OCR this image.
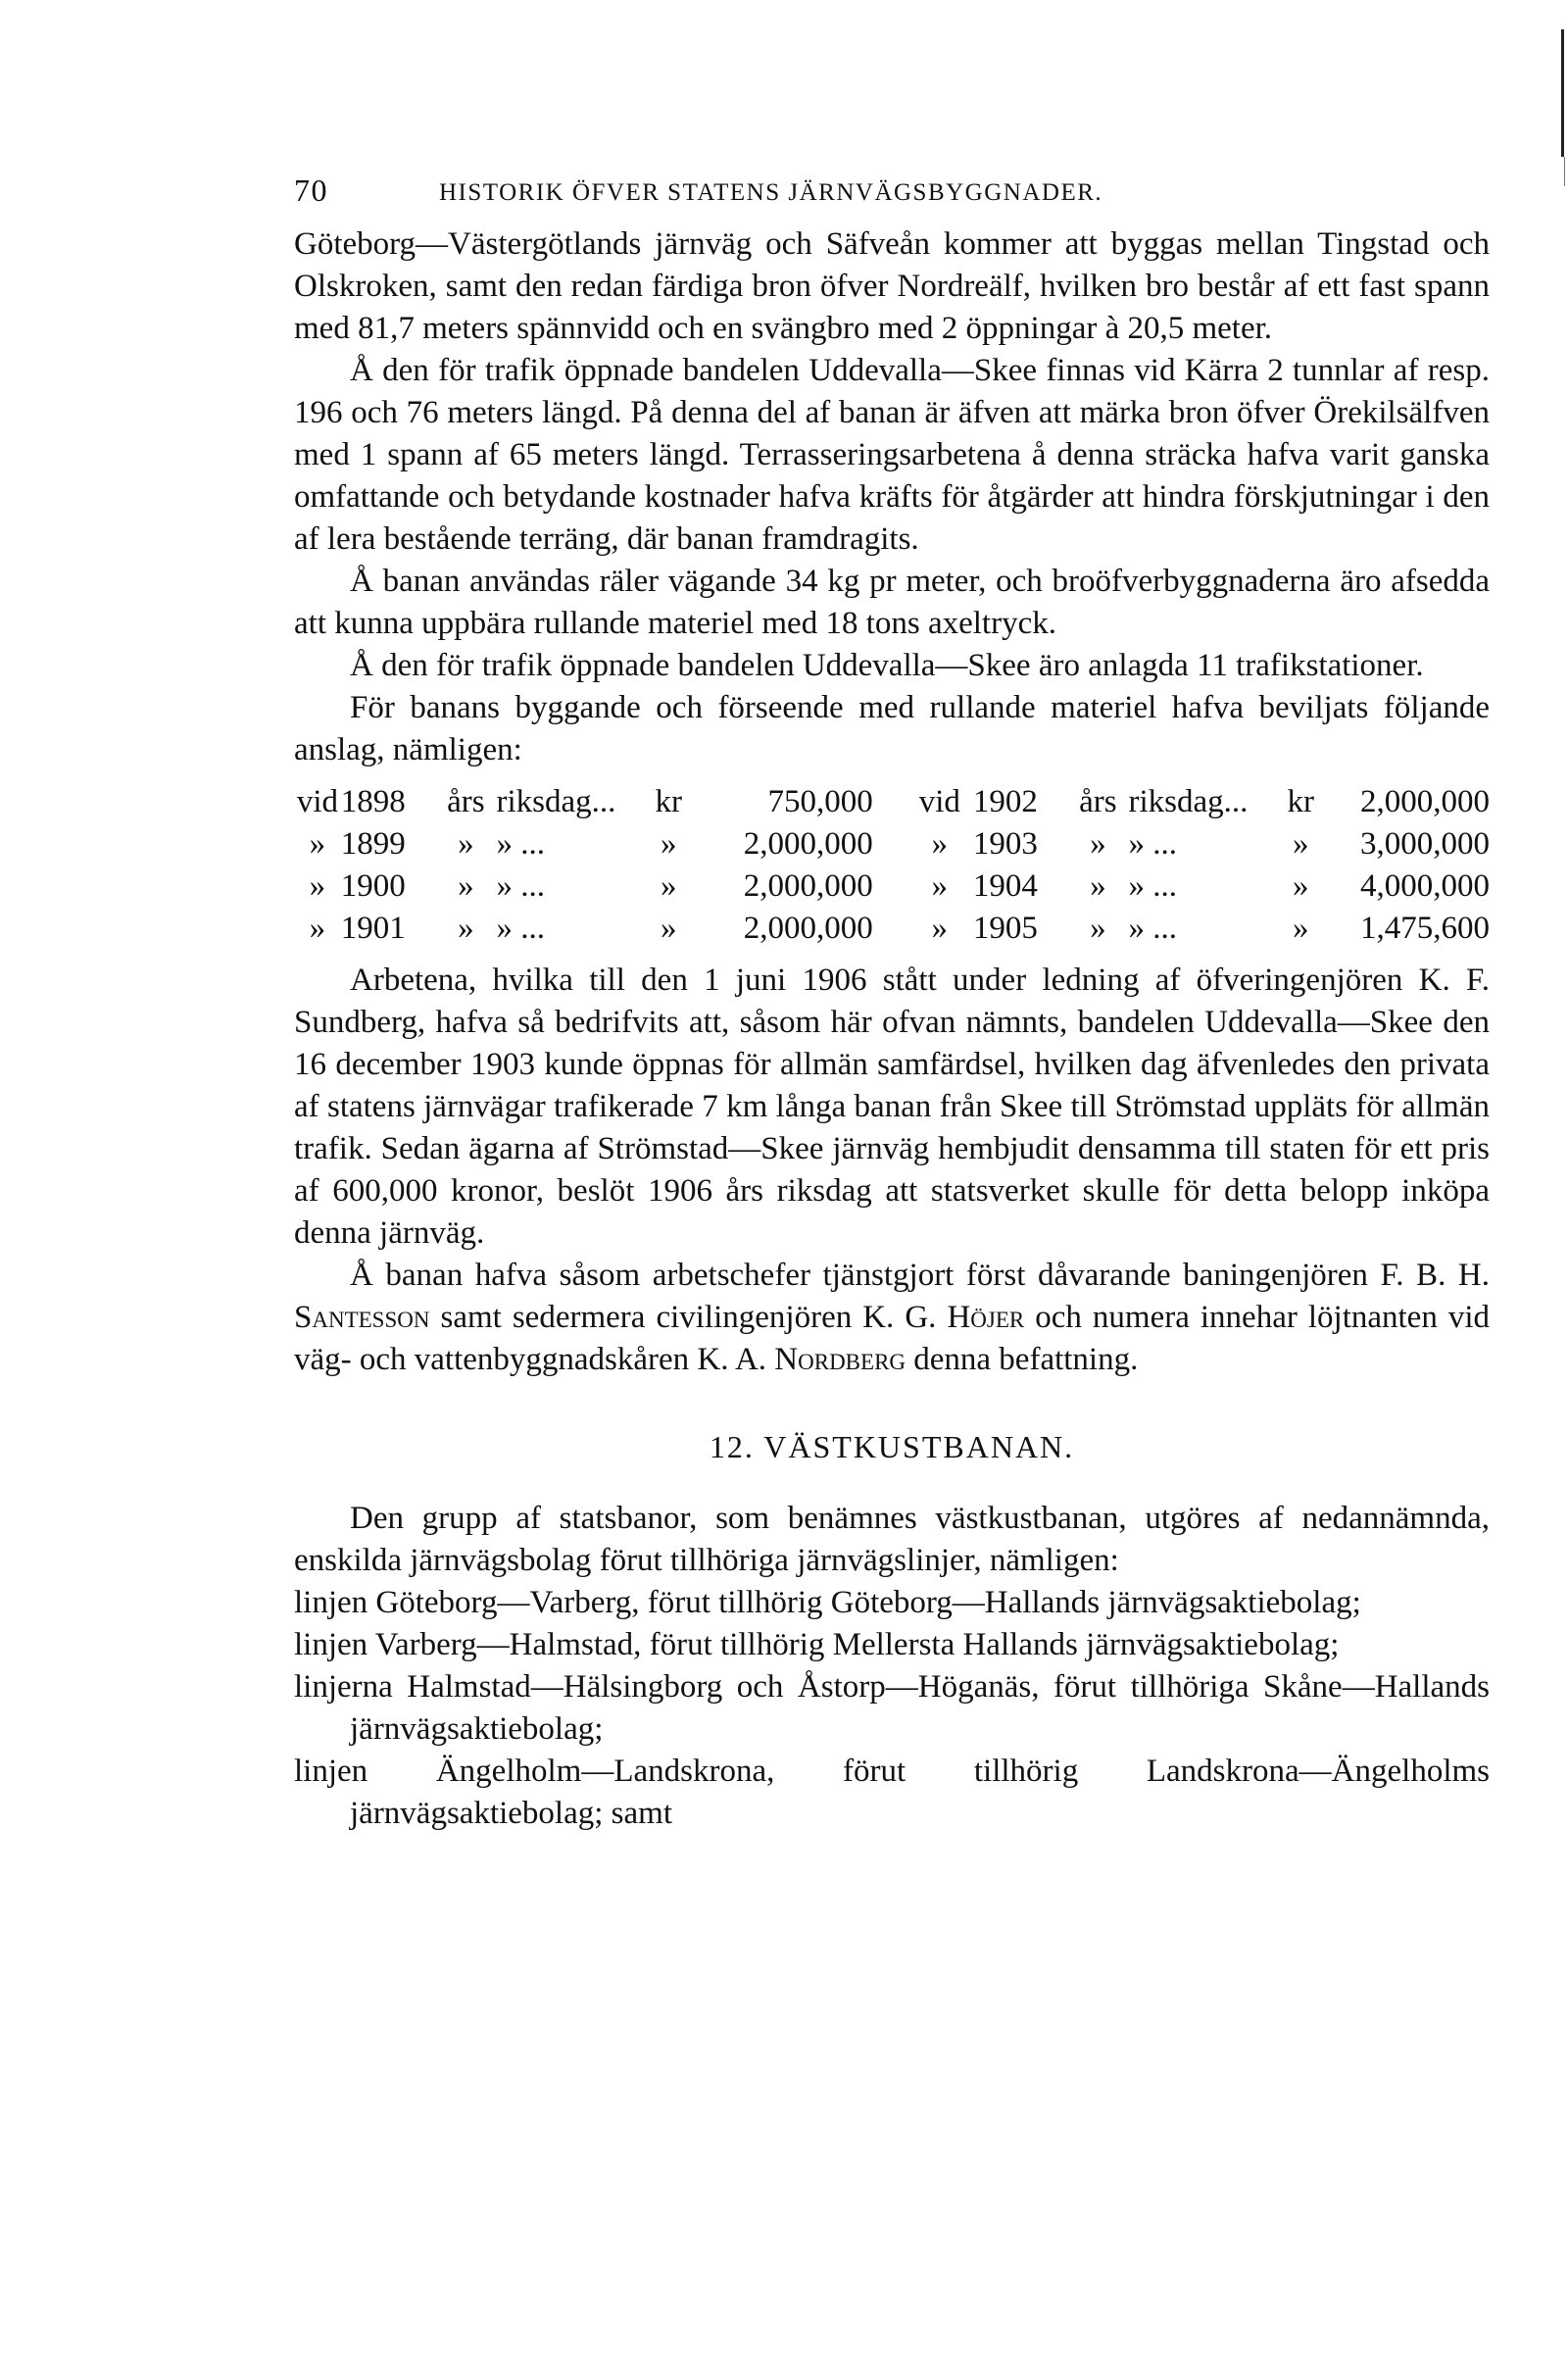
70	HISTORIK ÖFVER STATENS JÄRNVÄGSBYGGNADER.

Göteborg—Västergötlands järnväg och Säfveån kommer att byggas mellan Tingstad och Olskroken, samt den redan färdiga bron öfver Nordreälf, hvilken bro består af ett fast spann med 81,7 meters spännvidd och en svängbro med 2 öppningar à 20,5 meter.

Å den för trafik öppnade bandelen Uddevalla—Skee finnas vid Kärra 2 tunnlar af resp. 196 och 76 meters längd. På denna del af banan är äfven att märka bron öfver Örekilsälfven med 1 spann af 65 meters längd. Terrasseringsarbetena å denna sträcka hafva varit ganska omfattande och betydande kostnader hafva kräfts för åtgärder att hindra förskjutningar i den af lera bestående terräng, där banan framdragits.

Å banan användas räler vägande 34 kg pr meter, och broöfverbyggnaderna äro afsedda att kunna uppbära rullande materiel med 18 tons axeltryck.

Å den för trafik öppnade bandelen Uddevalla—Skee äro anlagda 11 trafikstationer.

För banans byggande och förseende med rullande materiel hafva beviljats följande anslag, nämligen:

vid	1898	års	riksdag...	kr	750,000	vid	1902	års	riksdag...	kr	2,000,000
»	1899	»	» ...	»	2,000,000	»	1903	»	» ...	»	3,000,000
»	1900	»	» ...	»	2,000,000	»	1904	»	» ...	»	4,000,000
»	1901	»	» ...	»	2,000,000	»	1905	»	» ...	»	1,475,600

Arbetena, hvilka till den 1 juni 1906 stått under ledning af öfveringenjören K. F. Sundberg, hafva så bedrifvits att, såsom här ofvan nämnts, bandelen Uddevalla—Skee den 16 december 1903 kunde öppnas för allmän samfärdsel, hvilken dag äfvenledes den privata af statens järnvägar trafikerade 7 km långa banan från Skee till Strömstad uppläts för allmän trafik. Sedan ägarna af Strömstad—Skee järnväg hembjudit densamma till staten för ett pris af 600,000 kronor, beslöt 1906 års riksdag att statsverket skulle för detta belopp inköpa denna järnväg.

Å banan hafva såsom arbetschefer tjänstgjort först dåvarande baningenjören F. B. H. Santesson samt sedermera civilingenjören K. G. Höjer och numera innehar löjtnanten vid väg- och vattenbyggnadskåren K. A. Nordberg denna befattning.

12. VÄSTKUSTBANAN.

Den grupp af statsbanor, som benämnes västkustbanan, utgöres af nedannämnda, enskilda järnvägsbolag förut tillhöriga järnvägslinjer, nämligen:

linjen Göteborg—Varberg, förut tillhörig Göteborg—Hallands järnvägsaktiebolag;

linjen Varberg—Halmstad, förut tillhörig Mellersta Hallands järnvägsaktiebolag;

linjerna Halmstad—Hälsingborg och Åstorp—Höganäs, förut tillhöriga Skåne—Hallands järnvägsaktiebolag;

linjen Ängelholm—Landskrona, förut tillhörig Landskrona—Ängelholms järnvägsaktiebolag; samt
